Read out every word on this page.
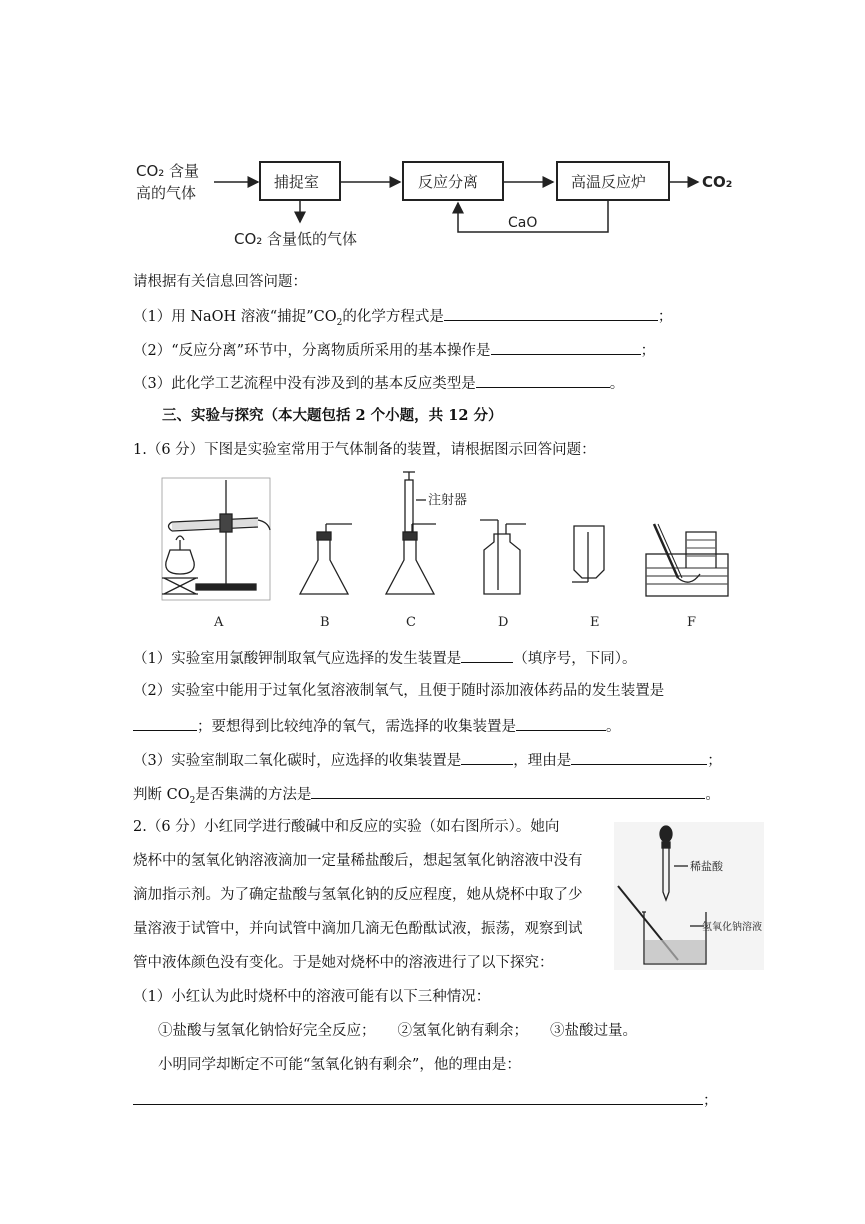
CO₂ 含量
高的气体
捕捉室	反应分离	高温反应炉	CO₂
CO₂ 含量低的气体
CaO
请根据有关信息回答问题：
（1）用 NaOH 溶液“捕捉$”CO_2$的化学方程式是	；
（2）“反应分离”环节中，分离物质所采用的基本操作是	；
（3）此化学工艺流程中没有涉及到的基本反应类型是	。
三、实验与探究（本大题包括 2 个小题，共 12 分）
1.（6 分）下图是实验室常用于气体制备的装置，请根据图示回答问题：
注射器
A	B	C	D	E	F
（1）实验室用氯酸钾制取氧气应选择的发生装置是	（填序号，下同）。
（2）实验室中能用于过氧化氢溶液制氧气，且便于随时添加液体药品的发生装置是
；要想得到比较纯净的氧气，需选择的收集装置是	。
（3）实验室制取二氧化碳时，应选择的收集装置是	，理由是	；
判断 $CO_2$是否集满的方法是	。
2.（6 分）小红同学进行酸碱中和反应的实验（如右图所示）。她向
烧杯中的氢氧化钠溶液滴加一定量稀盐酸后，想起氢氧化钠溶液中没有
滴加指示剂。为了确定盐酸与氢氧化钠的反应程度，她从烧杯中取了少
量溶液于试管中，并向试管中滴加几滴无色酚酞试液，振荡，观察到试
管中液体颜色没有变化。于是她对烧杯中的溶液进行了以下探究：
稀盐酸
氢氧化钠溶液
（1）小红认为此时烧杯中的溶液可能有以下三种情况：
①盐酸与氢氧化钠恰好完全反应； ②氢氧化钠有剩余； ③盐酸过量。
小明同学却断定不可能“氢氧化钠有剩余”，他的理由是：
；
